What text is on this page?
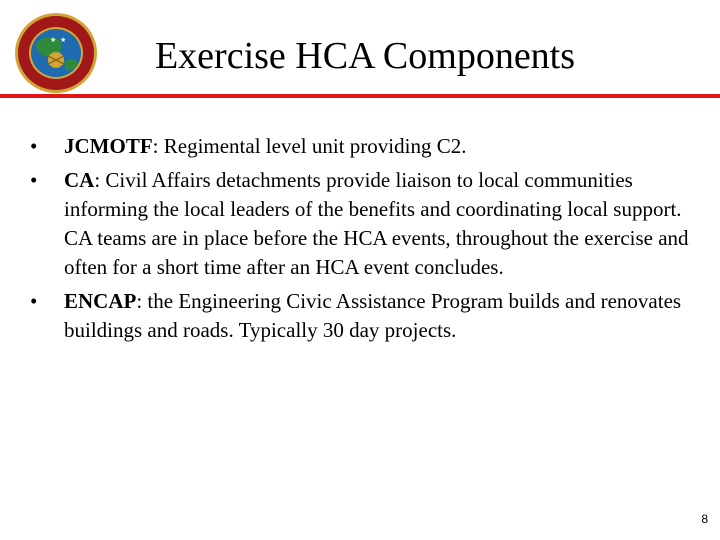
★ ★	Exercise HCA Components
• JCMOTF: Regimental level unit providing C2.
• CA: Civil Affairs detachments provide liaison to local communities informing the local leaders of the benefits and coordinating local support. CA teams are in place before the HCA events, throughout the exercise and often for a short time after an HCA event concludes.
• ENCAP: the Engineering Civic Assistance Program builds and renovates buildings and roads. Typically 30 day projects.
8
